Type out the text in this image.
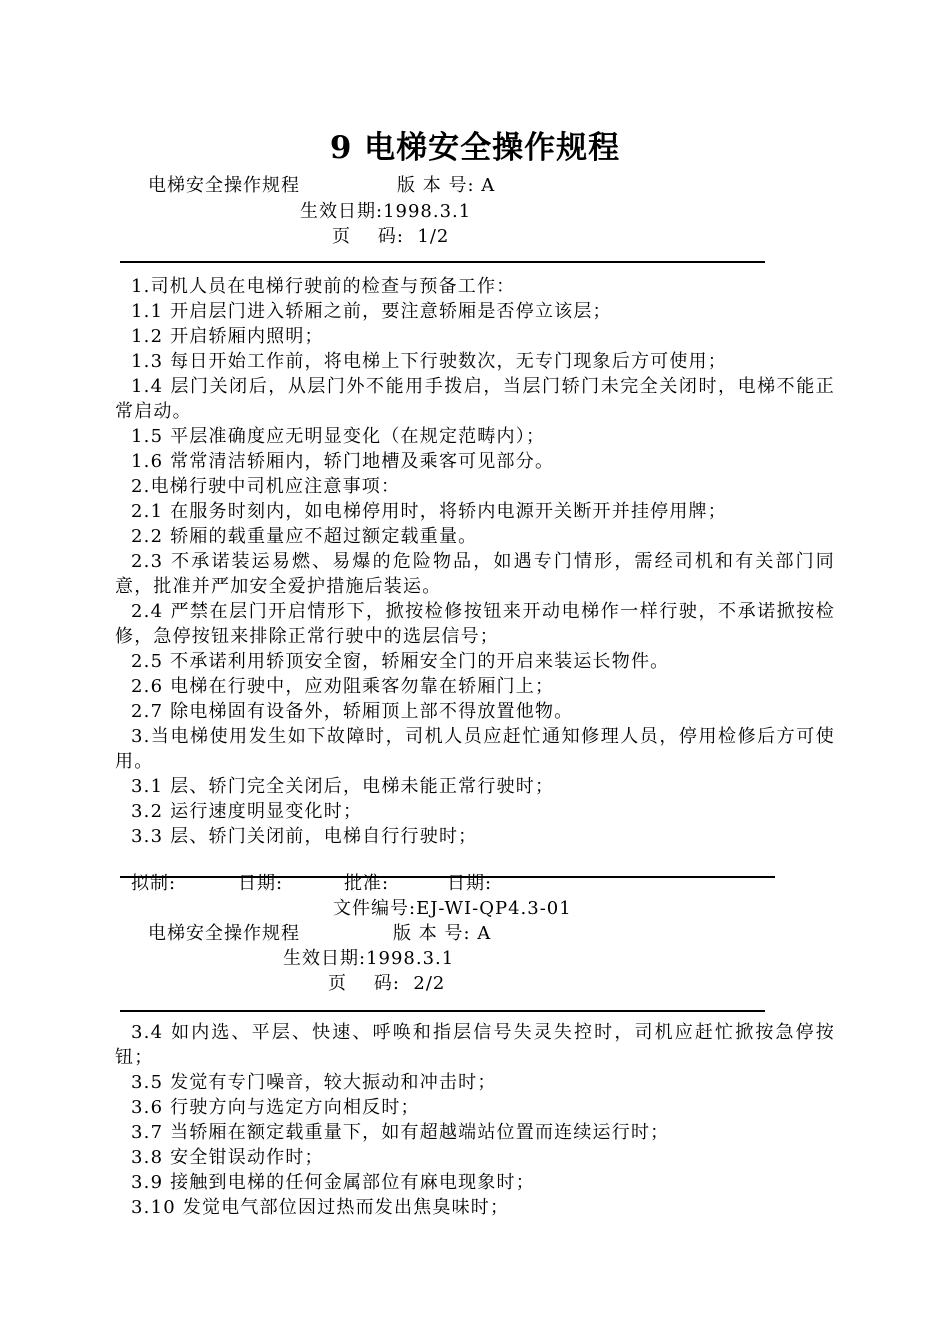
9 电梯安全操作规程
电梯安全操作规程	版 本 号: A
生效日期:1998.3.1
页    码:  1/2

1.司机人员在电梯行驶前的检查与预备工作：

1.1 开启层门进入轿厢之前，要注意轿厢是否停立该层；

1.2 开启轿厢内照明；

1.3 每日开始工作前，将电梯上下行驶数次，无专门现象后方可使用；

1.4 层门关闭后，从层门外不能用手拨启，当层门轿门未完全关闭时，电梯不能正常启动。

1.5 平层准确度应无明显变化（在规定范畴内）；

1.6 常常清洁轿厢内，轿门地槽及乘客可见部分。

2.电梯行驶中司机应注意事项：

2.1 在服务时刻内，如电梯停用时，将轿内电源开关断开并挂停用牌；

2.2 轿厢的载重量应不超过额定载重量。

2.3 不承诺装运易燃、易爆的危险物品，如遇专门情形，需经司机和有关部门同意，批准并严加安全爱护措施后装运。

2.4 严禁在层门开启情形下，掀按检修按钮来开动电梯作一样行驶，不承诺掀按检修，急停按钮来排除正常行驶中的选层信号；

2.5 不承诺利用轿顶安全窗，轿厢安全门的开启来装运长物件。

2.6 电梯在行驶中，应劝阻乘客勿靠在轿厢门上；

2.7 除电梯固有设备外，轿厢顶上部不得放置他物。

3.当电梯使用发生如下故障时，司机人员应赶忙通知修理人员，停用检修后方可使用。

3.1 层、轿门完全关闭后，电梯未能正常行驶时；

3.2 运行速度明显变化时；

3.3 层、轿门关闭前，电梯自行行驶时；

拟制:	日期:	批准:	日期:
文件编号:EJ-WI-QP4.3-01
电梯安全操作规程	版 本 号: A
生效日期:1998.3.1
页    码:  2/2

3.4 如内选、平层、快速、呼唤和指层信号失灵失控时，司机应赶忙掀按急停按钮；

3.5 发觉有专门噪音，较大振动和冲击时；

3.6 行驶方向与选定方向相反时；

3.7 当轿厢在额定载重量下，如有超越端站位置而连续运行时；

3.8 安全钳误动作时；

3.9 接触到电梯的任何金属部位有麻电现象时；

3.10 发觉电气部位因过热而发出焦臭味时；
